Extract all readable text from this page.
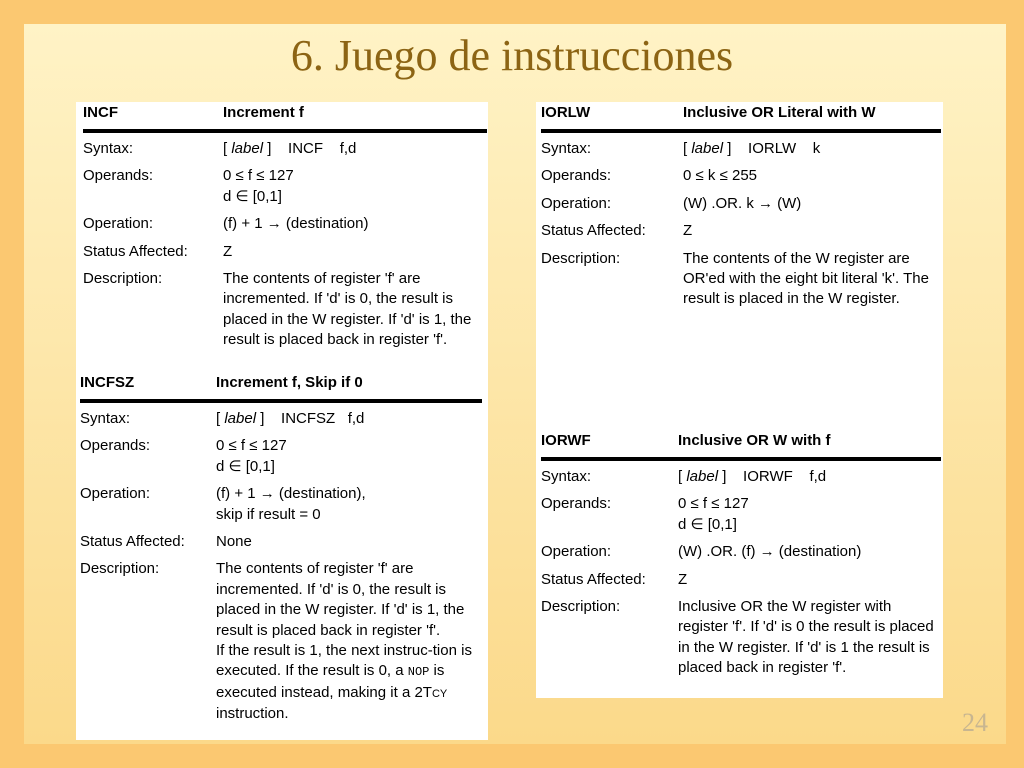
6. Juego de instrucciones
INCF	Increment f
Syntax:	[ label ]    INCF    f,d
Operands:	0 ≤ f ≤ 127
d ∈ [0,1]
Operation:	(f) + 1 → (destination)
Status Affected: Z
Description:	The contents of register 'f' are incremented. If 'd' is 0, the result is placed in the W register. If 'd' is 1, the result is placed back in register 'f'.
INCFSZ	Increment f, Skip if 0
Syntax:	[ label ]    INCFSZ   f,d
Operands:	0 ≤ f ≤ 127
d ∈ [0,1]
Operation:	(f) + 1 → (destination),
skip if result = 0
Status Affected: None
Description:	The contents of register 'f' are incremented. If 'd' is 0, the result is placed in the W register. If 'd' is 1, the result is placed back in register 'f'.
If the result is 1, the next instruc-tion is executed. If the result is 0, a NOP is executed instead, making it a 2TCY instruction.
IORLW	Inclusive OR Literal with W
Syntax:	[ label ]    IORLW    k
Operands:	0 ≤ k ≤ 255
Operation:	(W) .OR. k → (W)
Status Affected: Z
Description:	The contents of the W register are OR'ed with the eight bit literal 'k'. The result is placed in the W register.
IORWF	Inclusive OR W with f
Syntax:	[ label ]    IORWF    f,d
Operands:	0 ≤ f ≤ 127
d ∈ [0,1]
Operation:	(W) .OR. (f) → (destination)
Status Affected: Z
Description:	Inclusive OR the W register with register 'f'. If 'd' is 0 the result is placed in the W register. If 'd' is 1 the result is placed back in register 'f'.
24
